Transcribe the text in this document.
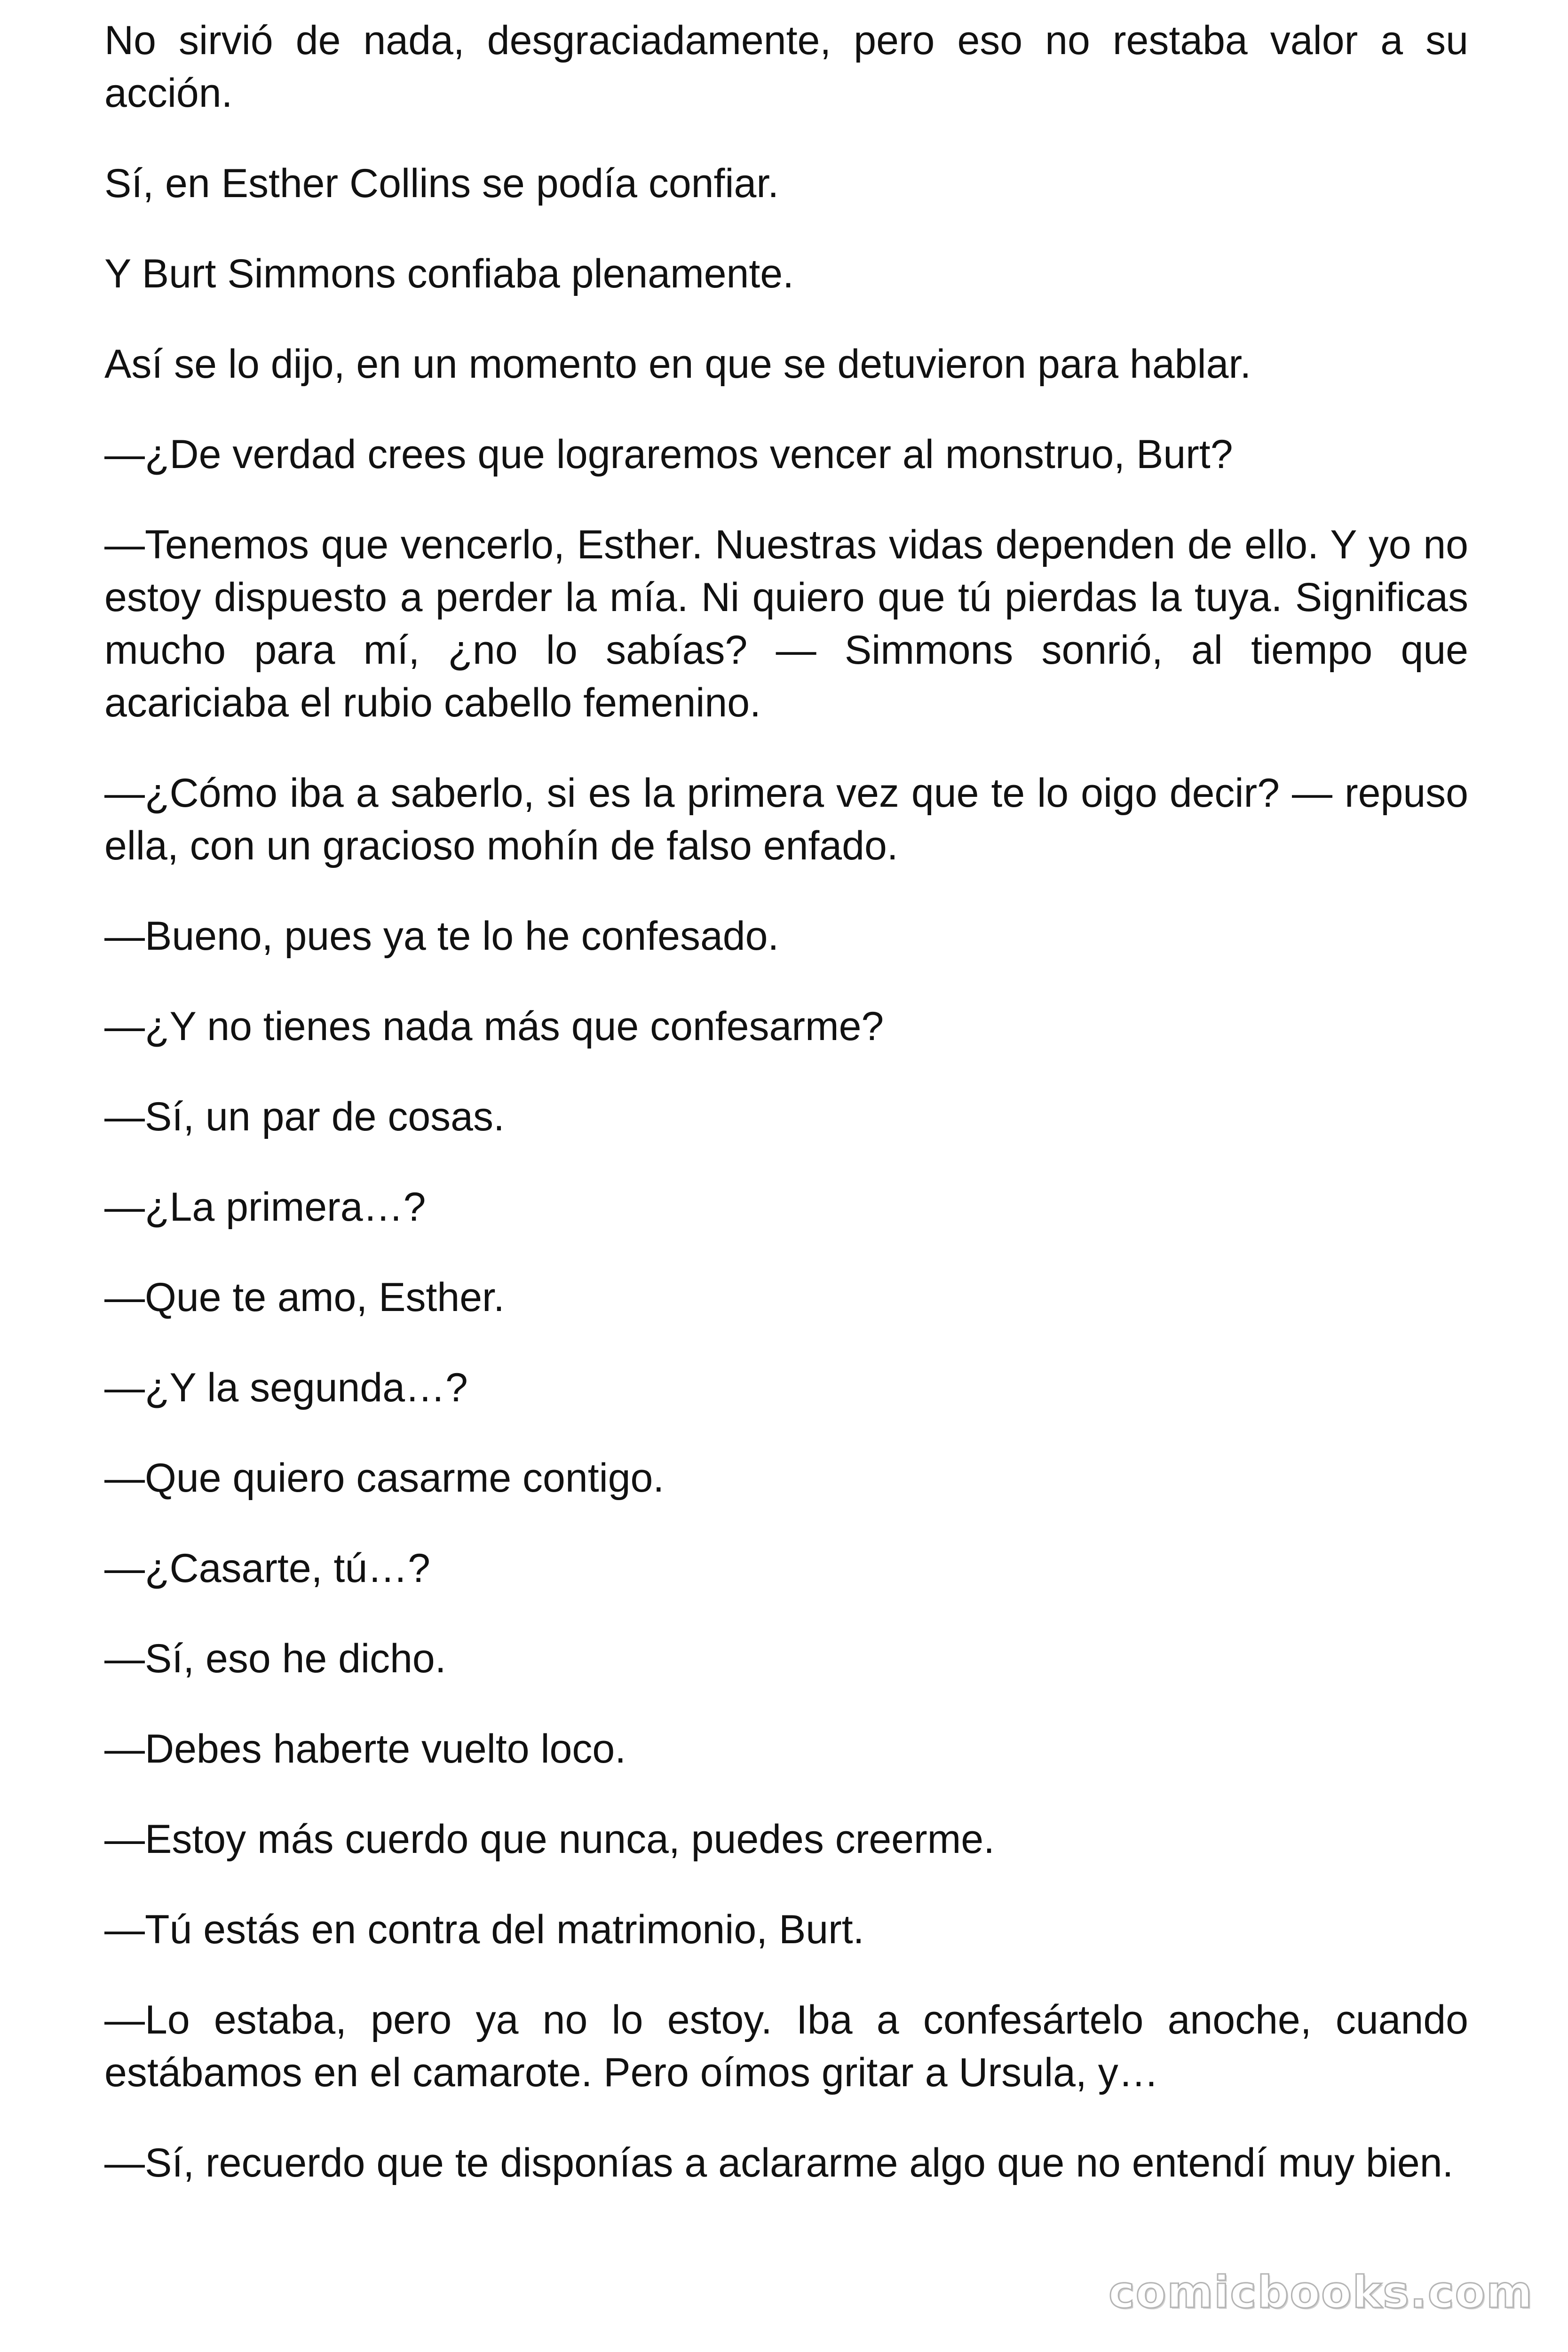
No sirvió de nada, desgraciadamente, pero eso no restaba valor a su acción.

Sí, en Esther Collins se podía confiar.

Y Burt Simmons confiaba plenamente.

Así se lo dijo, en un momento en que se detuvieron para hablar.

—¿De verdad crees que lograremos vencer al monstruo, Burt?

—Tenemos que vencerlo, Esther. Nuestras vidas dependen de ello. Y yo no estoy dispuesto a perder la mía. Ni quiero que tú pierdas la tuya. Significas mucho para mí, ¿no lo sabías? — Simmons sonrió, al tiempo que acariciaba el rubio cabello femenino.

—¿Cómo iba a saberlo, si es la primera vez que te lo oigo decir? — repuso ella, con un gracioso mohín de falso enfado.

—Bueno, pues ya te lo he confesado.

—¿Y no tienes nada más que confesarme?

—Sí, un par de cosas.

—¿La primera…?

—Que te amo, Esther.

—¿Y la segunda…?

—Que quiero casarme contigo.

—¿Casarte, tú…?

—Sí, eso he dicho.

—Debes haberte vuelto loco.

—Estoy más cuerdo que nunca, puedes creerme.

—Tú estás en contra del matrimonio, Burt.

—Lo estaba, pero ya no lo estoy. Iba a confesártelo anoche, cuando estábamos en el camarote. Pero oímos gritar a Ursula, y…

—Sí, recuerdo que te disponías a aclararme algo que no entendí muy bien.

comicbooks.com
